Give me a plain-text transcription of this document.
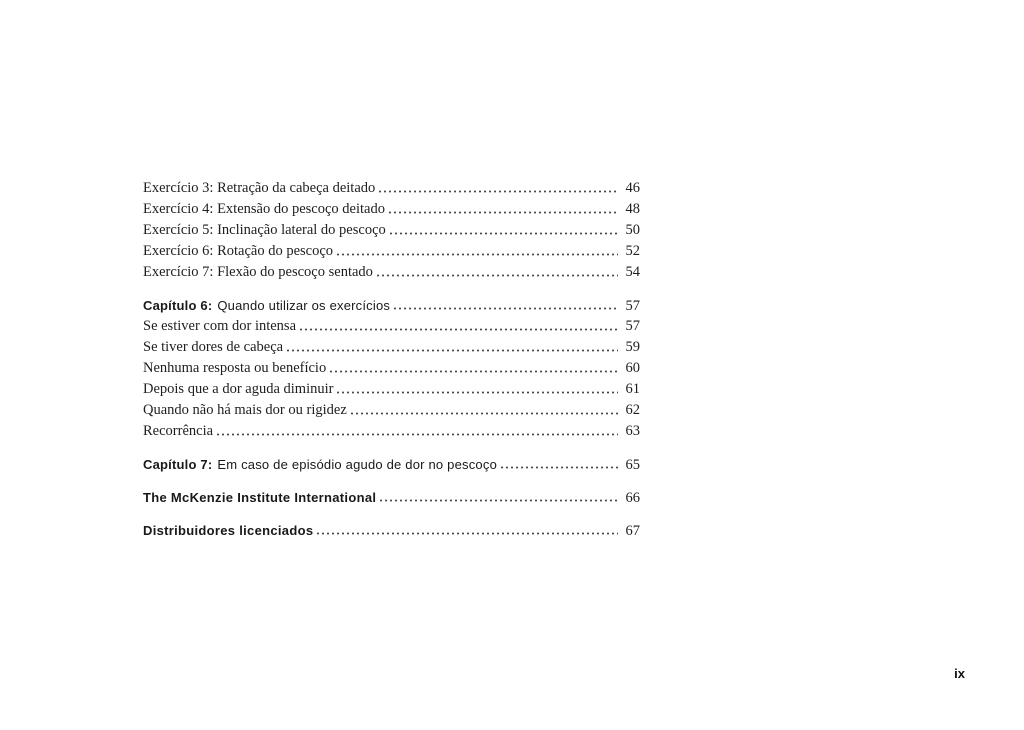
Exercício 3: Retração da cabeça deitado	46
Exercício 4: Extensão do pescoço deitado	48
Exercício 5: Inclinação lateral do pescoço	50
Exercício 6: Rotação do pescoço	52
Exercício 7: Flexão do pescoço sentado	54
Capítulo 6: Quando utilizar os exercícios	57
Se estiver com dor intensa	57
Se tiver dores de cabeça	59
Nenhuma resposta ou benefício	60
Depois que a dor aguda diminuir	61
Quando não há mais dor ou rigidez	62
Recorrência	63
Capítulo 7: Em caso de episódio agudo de dor no pescoço	65
The McKenzie Institute International	66
Distribuidores licenciados	67
ix
